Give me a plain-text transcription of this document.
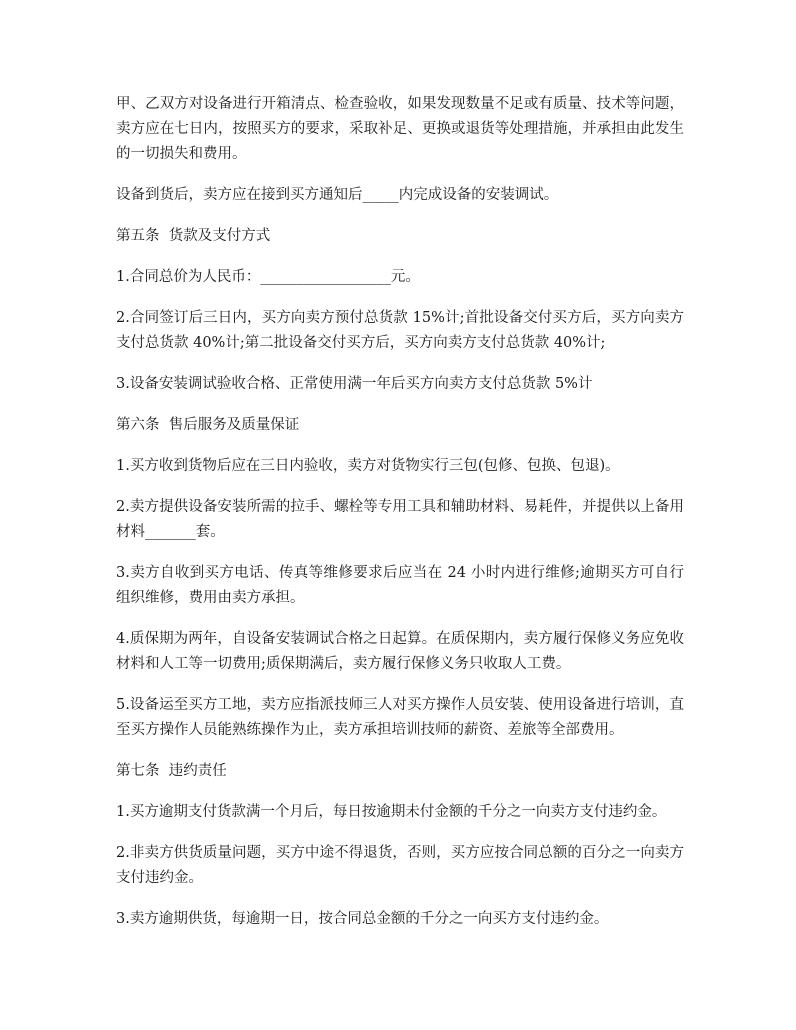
甲、乙双方对设备进行开箱清点、检查验收，如果发现数量不足或有质量、技术等问题，卖方应在七日内，按照买方的要求，采取补足、更换或退货等处理措施，并承担由此发生的一切损失和费用。

设备到货后，卖方应在接到买方通知后_____内完成设备的安装调试。

第五条  货款及支付方式

1.合同总价为人民币：__________________元。

2.合同签订后三日内，买方向卖方预付总货款 15%计;首批设备交付买方后，买方向卖方支付总货款 40%计;第二批设备交付买方后，买方向卖方支付总货款 40%计;

3.设备安装调试验收合格、正常使用满一年后买方向卖方支付总货款 5%计

第六条  售后服务及质量保证

1.买方收到货物后应在三日内验收，卖方对货物实行三包(包修、包换、包退)。

2.卖方提供设备安装所需的拉手、螺栓等专用工具和辅助材料、易耗件，并提供以上备用材料_______套。

3.卖方自收到买方电话、传真等维修要求后应当在 24 小时内进行维修;逾期买方可自行组织维修，费用由卖方承担。

4.质保期为两年，自设备安装调试合格之日起算。在质保期内，卖方履行保修义务应免收材料和人工等一切费用;质保期满后，卖方履行保修义务只收取人工费。

5.设备运至买方工地，卖方应指派技师三人对买方操作人员安装、使用设备进行培训，直至买方操作人员能熟练操作为止，卖方承担培训技师的薪资、差旅等全部费用。

第七条  违约责任

1.买方逾期支付货款满一个月后，每日按逾期未付金额的千分之一向卖方支付违约金。

2.非卖方供货质量问题，买方中途不得退货，否则，买方应按合同总额的百分之一向卖方支付违约金。

3.卖方逾期供货，每逾期一日，按合同总金额的千分之一向买方支付违约金。
